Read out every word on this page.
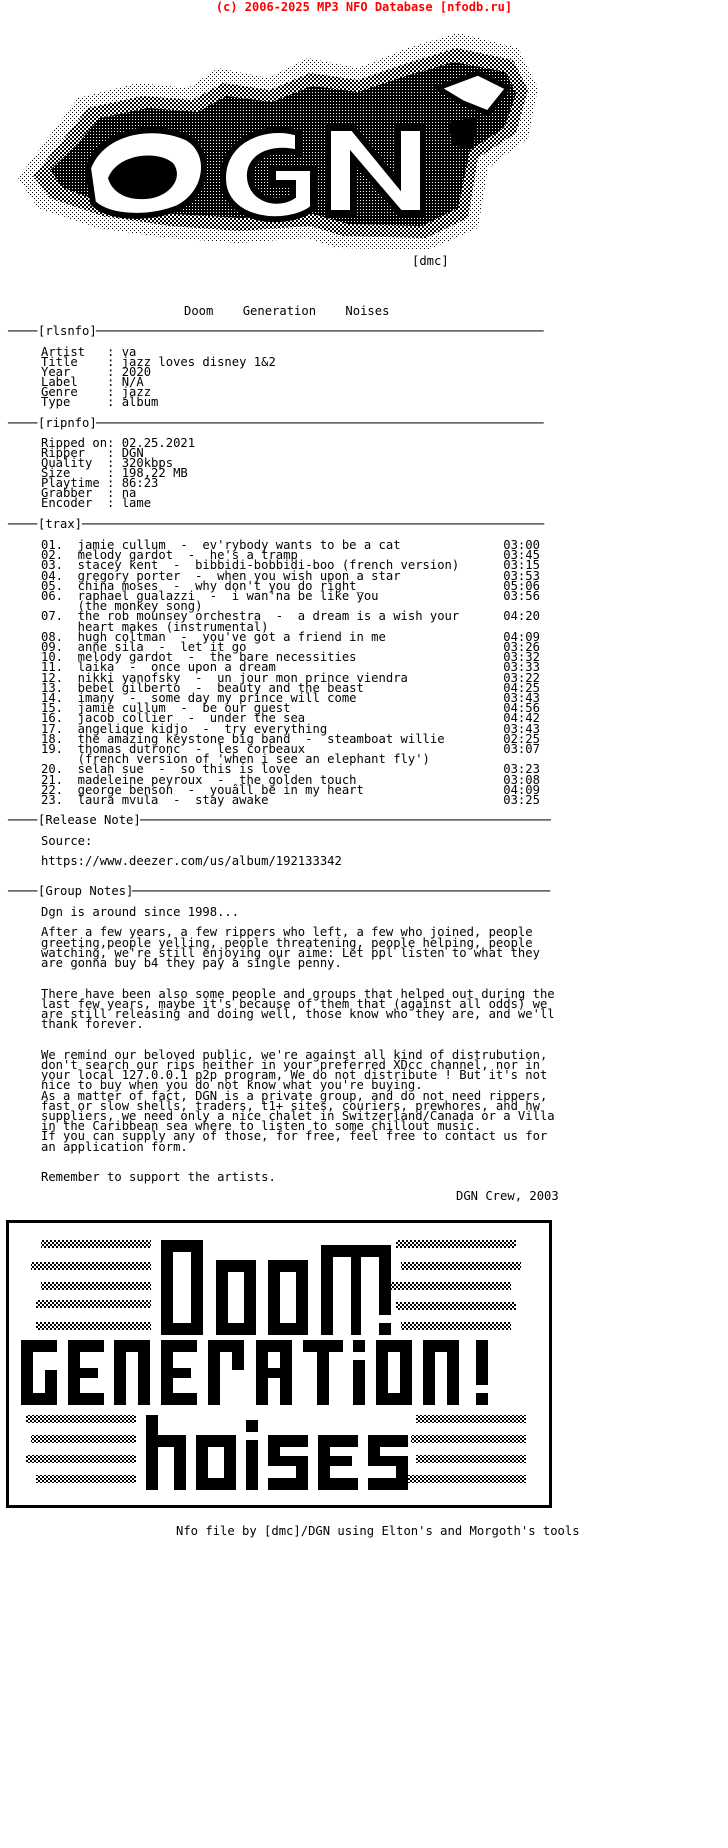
(c) 2006-2025 MP3 NFO Database [nfodb.ru]

[dmc]

Doom    Generation    Noises

────

[rlsnfo]

─────────────────────────────────────────────────────────────

Artist   : va

Title    : jazz loves disney 1&2

Year     : 2020

Label    : N/A

Genre    : jazz

Type     : album

────

[ripnfo]

─────────────────────────────────────────────────────────────

Ripped on: 02.25.2021

Ripper   : DGN

Quality  : 320kbps

Size     : 198,22 MB

Playtime : 86:23

Grabber  : na

Encoder  : lame

────

[trax]

───────────────────────────────────────────────────────────────

01.  jamie cullum  -  ev'rybody wants to be a cat              03:00
02.  melody gardot  -  he's a tramp                            03:45
03.  stacey kent  -  bibbidi-bobbidi-boo (french version)      03:15
04.  gregory porter  -  when you wish upon a star              03:53
05.  china moses  -  why don't you do right_                   05:06
06.  raphael gualazzi  -  i wan'na be like you                 03:56
(the monkey song)
07.  the rob mounsey orchestra  -  a dream is a wish your      04:20
heart makes (instrumental)
08.  hugh coltman  -  you've got a friend in me                04:09
09.  anne sila  -  let it go                                   03:26
10.  melody gardot  -  the bare necessities                    03:32
11.  laika  -  once upon a dream                               03:33
12.  nikki yanofsky  -  un jour mon prince viendra             03:22
13.  bebel gilberto  -  beauty and the beast                   04:25
14.  imany  -  some day my prince will come                    03:43
15.  jamie cullum  -  be our guest                             04:56
16.  jacob collier  -  under the sea                           04:42
17.  angelique kidjo  -  try everything                        03:43
18.  the amazing keystone big band  -  steamboat willie        02:25
19.  thomas dutronc  -  les corbeaux                           03:07
(french version of 'when i see an elephant fly')
20.  selah sue  -  so this is love                             03:23
21.  madeleine peyroux  -  the golden touch                    03:08
22.  george benson  -  youâll be in my heart                   04:09
23.  laura mvula  -  stay awake                                03:25

────

[Release Note]

────────────────────────────────────────────────────────

Source:

https://www.deezer.com/us/album/192133342

────

[Group Notes]

─────────────────────────────────────────────────────────

Dgn is around since 1998...
After a few years, a few rippers who left, a few who joined, people
greeting,people yelling, people threatening, people helping, people
watching, we're still enjoying our aime: Let ppl listen to what they
are gonna buy b4 they pay a single penny.
There have been also some people and groups that helped out during the
last few years, maybe it's because of them that (against all odds) we
are still releasing and doing well, those know who they are, and we'll
thank forever.
We remind our beloved public, we're against all kind of distrubution,
don't search our rips neither in your preferred XDcc channel, nor in
your local 127.0.0.1 p2p program, We do not distribute ! But it's not
nice to buy when you do not know what you're buying.
As a matter of fact, DGN is a private group, and do not need rippers,
fast or slow shells, traders, t1+ sites, couriers, prewhores, and hw
suppliers, we need only a nice chalet in Switzerland/Canada or a Villa
in the Caribbean sea where to listen to some chillout music.
If you can supply any of those, for free, feel free to contact us for
an application form.
Remember to support the artists.

DGN Crew, 2003

Nfo file by [dmc]/DGN using Elton's and Morgoth's tools
